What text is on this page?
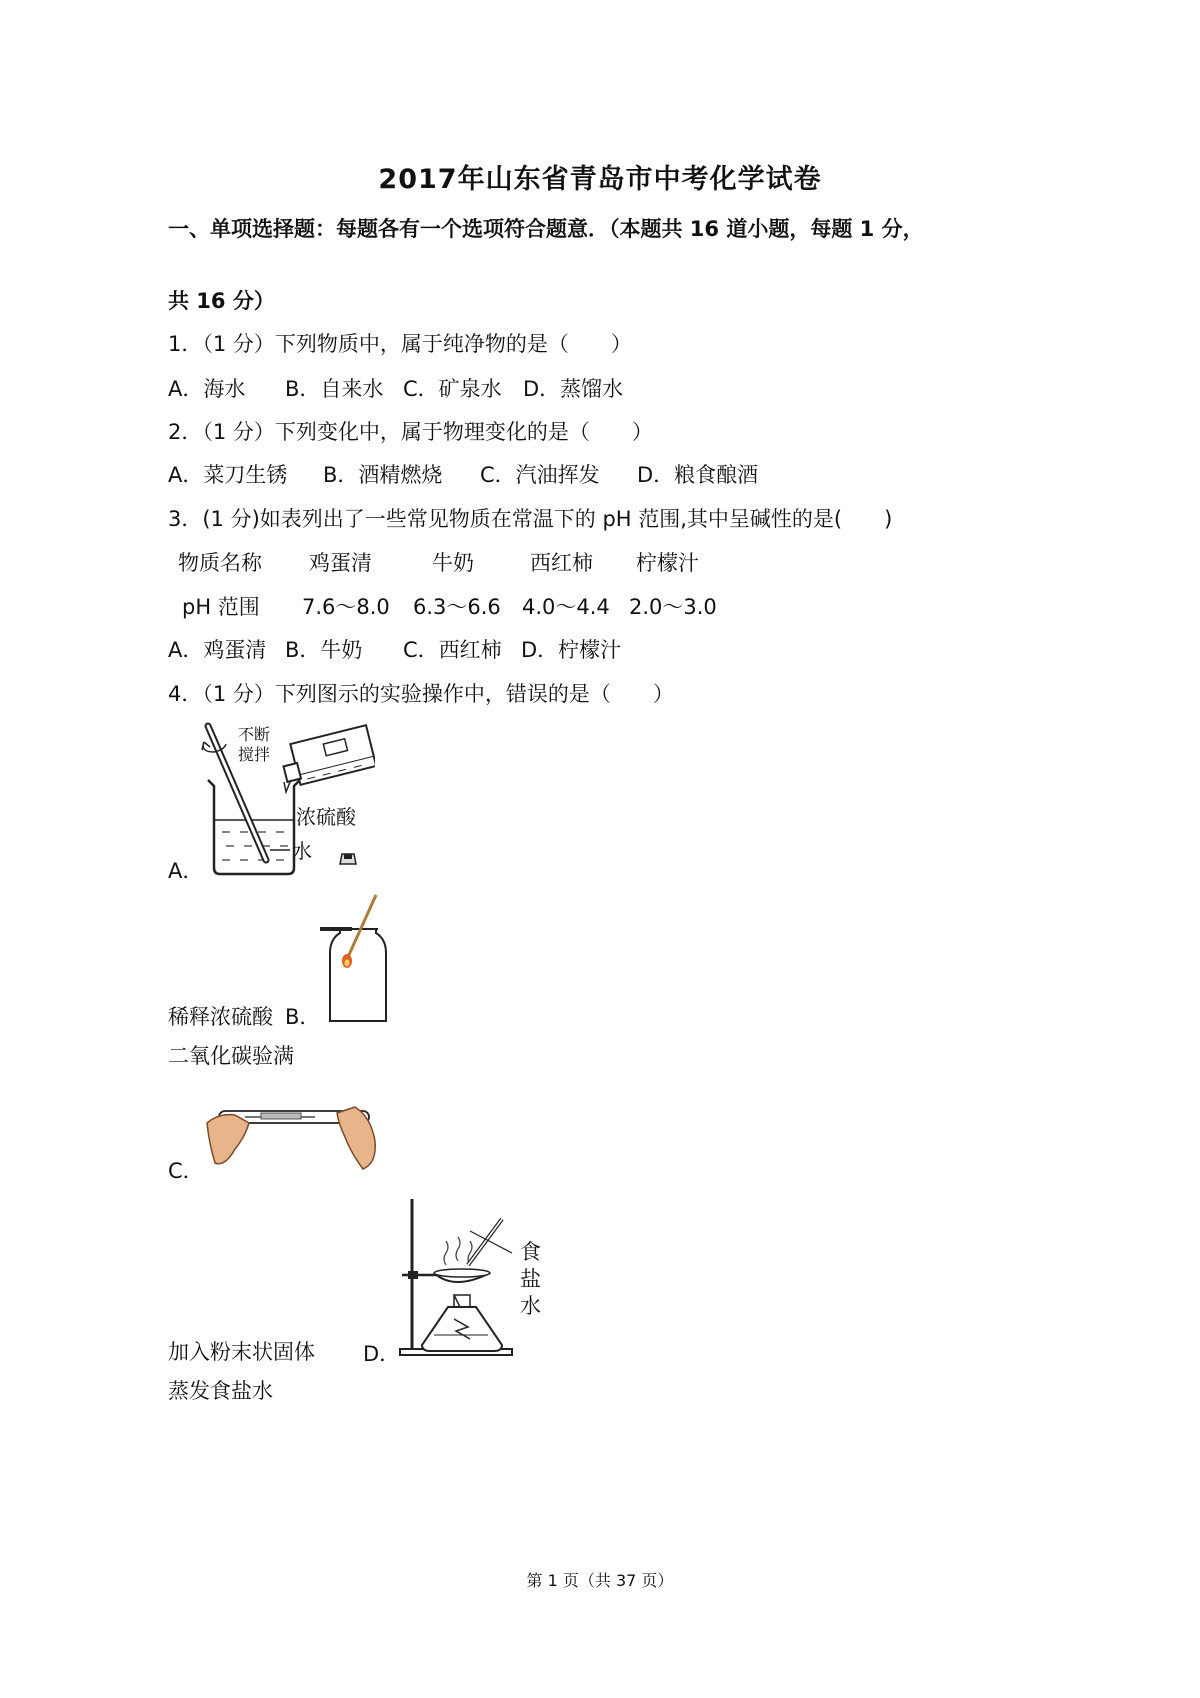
2017年山东省青岛市中考化学试卷
一、单项选择题：每题各有一个选项符合题意．（本题共 16 道小题，每题 1 分，
共 16 分）
1．（1 分）下列物质中，属于纯净物的是（　　）
A．海水 B．自来水 C．矿泉水 D．蒸馏水
2．（1 分）下列变化中，属于物理变化的是（　　）
A．菜刀生锈 B．酒精燃烧 C．汽油挥发 D．粮食酿酒
3．(1 分)如表列出了一些常见物质在常温下的 pH 范围,其中呈碱性的是(　　)
物质名称 鸡蛋清	牛奶	西红柿 柠檬汁
pH 范围 7.6～8.0 6.3～6.6 4.0～4.4 2.0～3.0
A．鸡蛋清 B．牛奶 C．西红柿 D．柠檬汁
4．（1 分）下列图示的实验操作中，错误的是（　　）
不断
搅拌
浓硫酸
水
A．
稀释浓硫酸 B．
二氧化碳验满
C．
食
盐
水
加入粉末状固体 D．
蒸发食盐水
第 1 页（共 37 页）
